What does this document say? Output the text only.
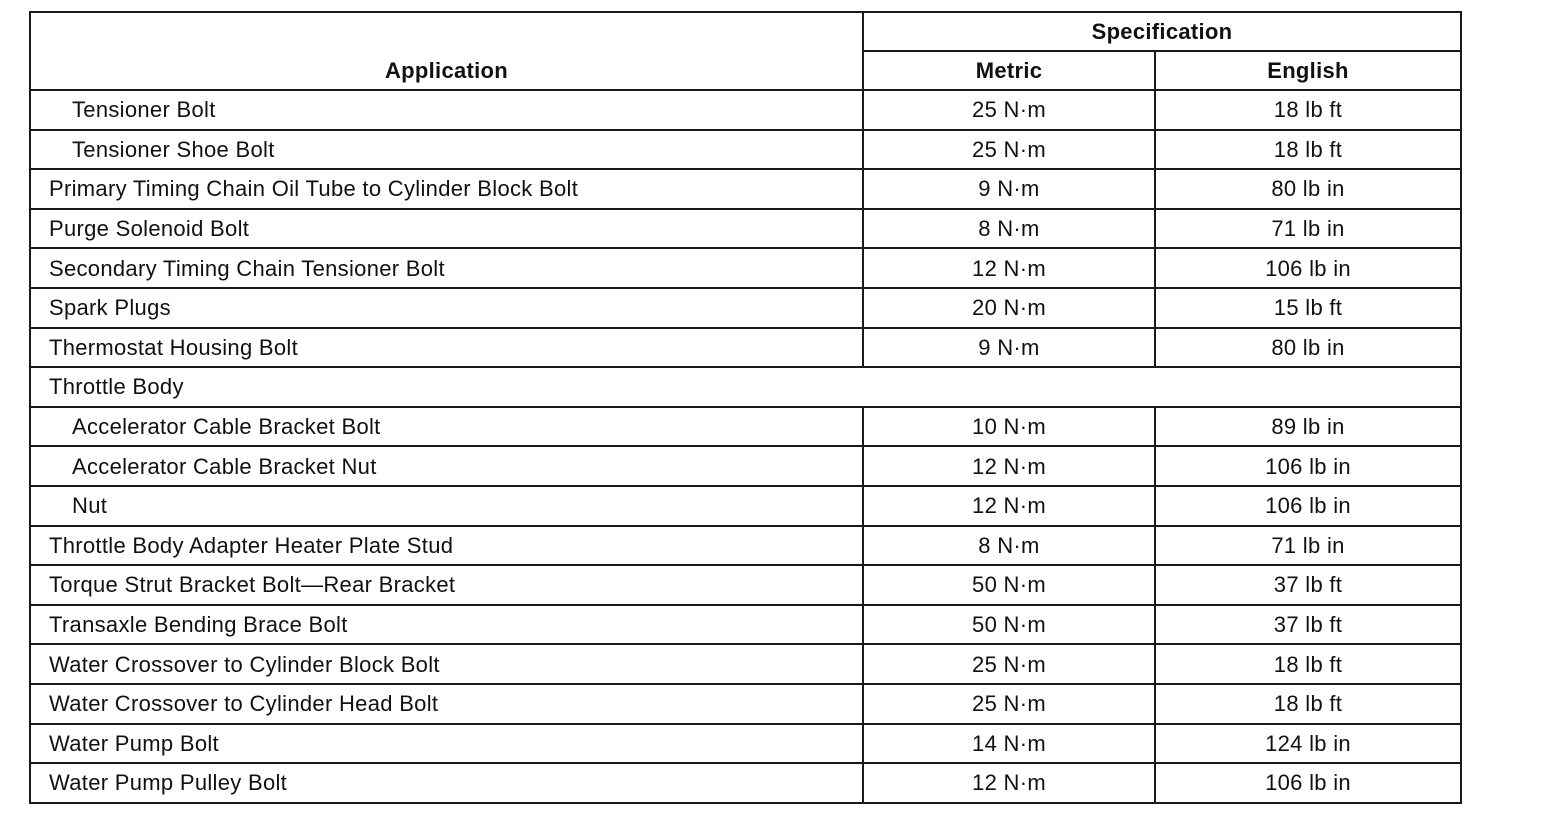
Application	Specification	
	Metric	English
Tensioner Bolt	25 N·m	18 lb ft
Tensioner Shoe Bolt	25 N·m	18 lb ft
Primary Timing Chain Oil Tube to Cylinder Block Bolt	9 N·m	80 lb in
Purge Solenoid Bolt	8 N·m	71 lb in
Secondary Timing Chain Tensioner Bolt	12 N·m	106 lb in
Spark Plugs	20 N·m	15 lb ft
Thermostat Housing Bolt	9 N·m	80 lb in
Throttle Body		
Accelerator Cable Bracket Bolt	10 N·m	89 lb in
Accelerator Cable Bracket Nut	12 N·m	106 lb in
Nut	12 N·m	106 lb in
Throttle Body Adapter Heater Plate Stud	8 N·m	71 lb in
Torque Strut Bracket Bolt—Rear Bracket	50 N·m	37 lb ft
Transaxle Bending Brace Bolt	50 N·m	37 lb ft
Water Crossover to Cylinder Block Bolt	25 N·m	18 lb ft
Water Crossover to Cylinder Head Bolt	25 N·m	18 lb ft
Water Pump Bolt	14 N·m	124 lb in
Water Pump Pulley Bolt	12 N·m	106 lb in
